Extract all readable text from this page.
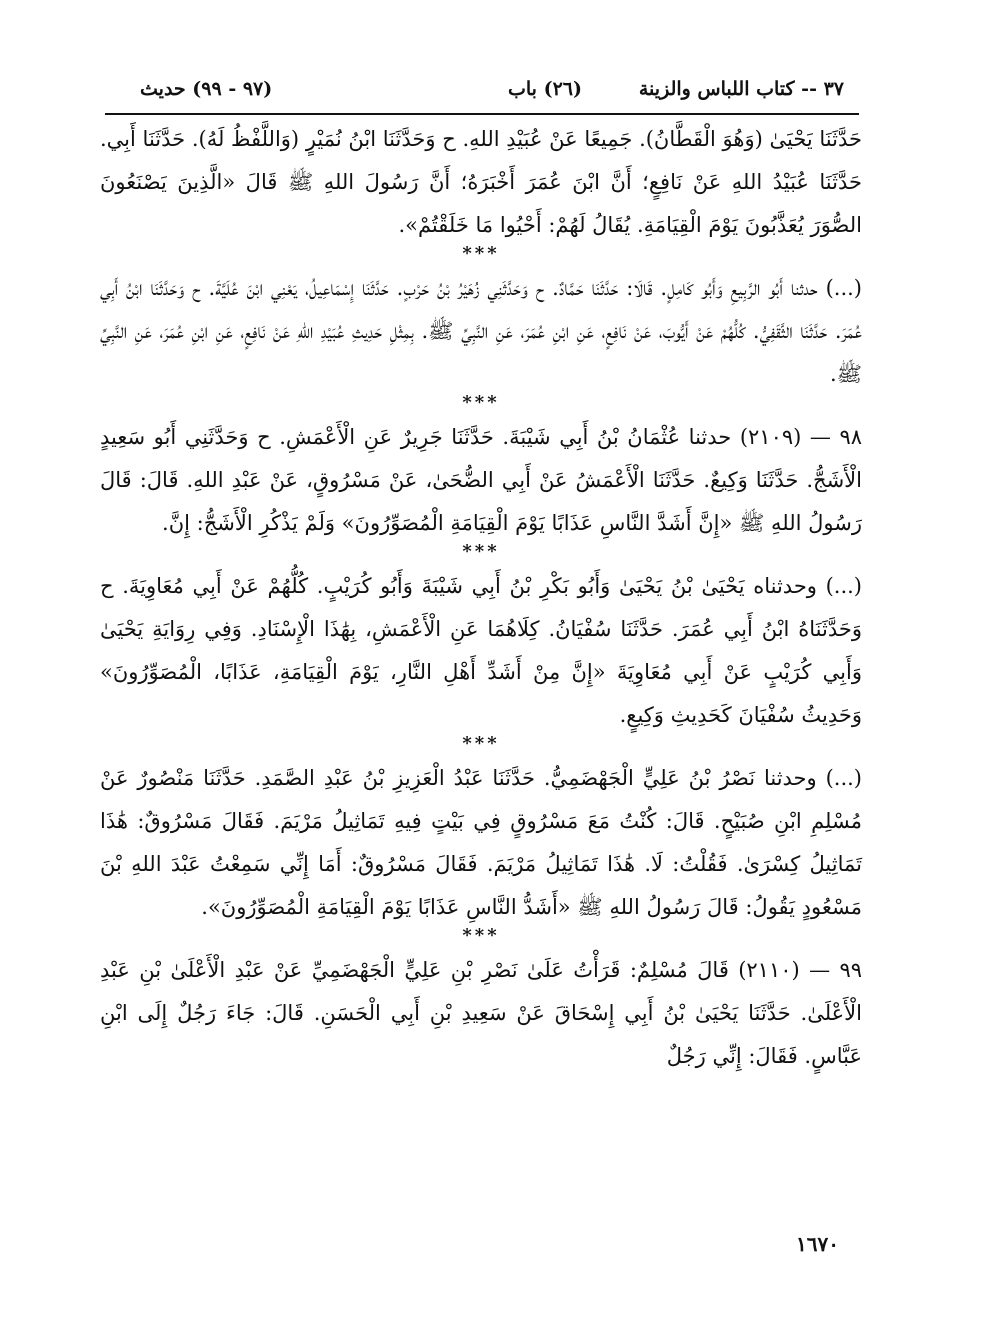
٣٧ -- كتاب اللباس والزينة
(٢٦) باب
(٩٧ - ٩٩) حديث

حَدَّثَنَا يَحْيَىٰ (وَهُوَ الْقَطَّانُ). جَمِيعًا عَنْ عُبَيْدِ اللهِ. ح وَحَدَّثَنَا ابْنُ نُمَيْرٍ (وَاللَّفْظُ لَهُ). حَدَّثَنَا أَبِي. حَدَّثَنَا عُبَيْدُ اللهِ عَنْ نَافِعٍ؛ أَنَّ ابْنَ عُمَرَ أَخْبَرَهُ؛ أَنَّ رَسُولَ اللهِ ﷺ قَالَ «الَّذِينَ يَصْنَعُونَ الصُّوَرَ يُعَذَّبُونَ يَوْمَ الْقِيَامَةِ. يُقَالُ لَهُمْ: أَحْيُوا مَا خَلَقْتُمْ».

***

(...) حدثنا أَبُو الرَّبِيعِ وَأَبُو كَامِلٍ. قَالَا: حَدَّثَنَا حَمَّادٌ. ح وَحَدَّثَنِي زُهَيْرُ بْنُ حَرْبٍ. حَدَّثَنَا إِسْمَاعِيلُ، يَعْنِي ابْنَ عُلَيَّةَ. ح وَحَدَّثَنَا ابْنُ أَبِي عُمَرَ. حَدَّثَنَا الثَّقَفِيُّ. كُلُّهُمْ عَنْ أَيُّوبَ، عَنْ نَافِعٍ، عَنِ ابْنِ عُمَرَ، عَنِ النَّبِيِّ ﷺ. بِمِثْلِ حَدِيثِ عُبَيْدِ اللهِ عَنْ نَافِعٍ، عَنِ ابْنِ عُمَرَ، عَنِ النَّبِيِّ ﷺ.

***

٩٨ — (٢١٠٩) حدثنا عُثْمَانُ بْنُ أَبِي شَيْبَةَ. حَدَّثَنَا جَرِيرٌ عَنِ الْأَعْمَشِ. ح وَحَدَّثَنِي أَبُو سَعِيدٍ الْأَشَجُّ. حَدَّثَنَا وَكِيعٌ. حَدَّثَنَا الْأَعْمَشُ عَنْ أَبِي الضُّحَىٰ، عَنْ مَسْرُوقٍ، عَنْ عَبْدِ اللهِ. قَالَ: قَالَ رَسُولُ اللهِ ﷺ «إِنَّ أَشَدَّ النَّاسِ عَذَابًا يَوْمَ الْقِيَامَةِ الْمُصَوِّرُونَ» وَلَمْ يَذْكُرِ الْأَشَجُّ: إِنَّ.

***

(...) وحدثناه يَحْيَىٰ بْنُ يَحْيَىٰ وَأَبُو بَكْرِ بْنُ أَبِي شَيْبَةَ وَأَبُو كُرَيْبٍ. كُلُّهُمْ عَنْ أَبِي مُعَاوِيَةَ. ح وَحَدَّثَنَاهُ ابْنُ أَبِي عُمَرَ. حَدَّثَنَا سُفْيَانُ. كِلَاهُمَا عَنِ الْأَعْمَشِ، بِهَٰذَا الْإِسْنَادِ. وَفِي رِوَايَةِ يَحْيَىٰ وَأَبِي كُرَيْبٍ عَنْ أَبِي مُعَاوِيَةَ «إِنَّ مِنْ أَشَدِّ أَهْلِ النَّارِ، يَوْمَ الْقِيَامَةِ، عَذَابًا، الْمُصَوِّرُونَ» وَحَدِيثُ سُفْيَانَ كَحَدِيثِ وَكِيعٍ.

***

(...) وحدثنا نَصْرُ بْنُ عَلِيٍّ الْجَهْضَمِيُّ. حَدَّثَنَا عَبْدُ الْعَزِيزِ بْنُ عَبْدِ الصَّمَدِ. حَدَّثَنَا مَنْصُورٌ عَنْ مُسْلِمِ ابْنِ صُبَيْحٍ. قَالَ: كُنْتُ مَعَ مَسْرُوقٍ فِي بَيْتٍ فِيهِ تَمَاثِيلُ مَرْيَمَ. فَقَالَ مَسْرُوقٌ: هَٰذَا تَمَاثِيلُ كِسْرَىٰ. فَقُلْتُ: لَا. هَٰذَا تَمَاثِيلُ مَرْيَمَ. فَقَالَ مَسْرُوقٌ: أَمَا إِنِّي سَمِعْتُ عَبْدَ اللهِ بْنَ مَسْعُودٍ يَقُولُ: قَالَ رَسُولُ اللهِ ﷺ «أَشَدُّ النَّاسِ عَذَابًا يَوْمَ الْقِيَامَةِ الْمُصَوِّرُونَ».

***

٩٩ — (٢١١٠) قَالَ مُسْلِمٌ: قَرَأْتُ عَلَىٰ نَصْرِ بْنِ عَلِيٍّ الْجَهْضَمِيِّ عَنْ عَبْدِ الْأَعْلَىٰ بْنِ عَبْدِ الْأَعْلَىٰ. حَدَّثَنَا يَحْيَىٰ بْنُ أَبِي إِسْحَاقَ عَنْ سَعِيدِ بْنِ أَبِي الْحَسَنِ. قَالَ: جَاءَ رَجُلٌ إِلَى ابْنِ عَبَّاسٍ. فَقَالَ: إِنِّي رَجُلٌ

١٦٧٠
